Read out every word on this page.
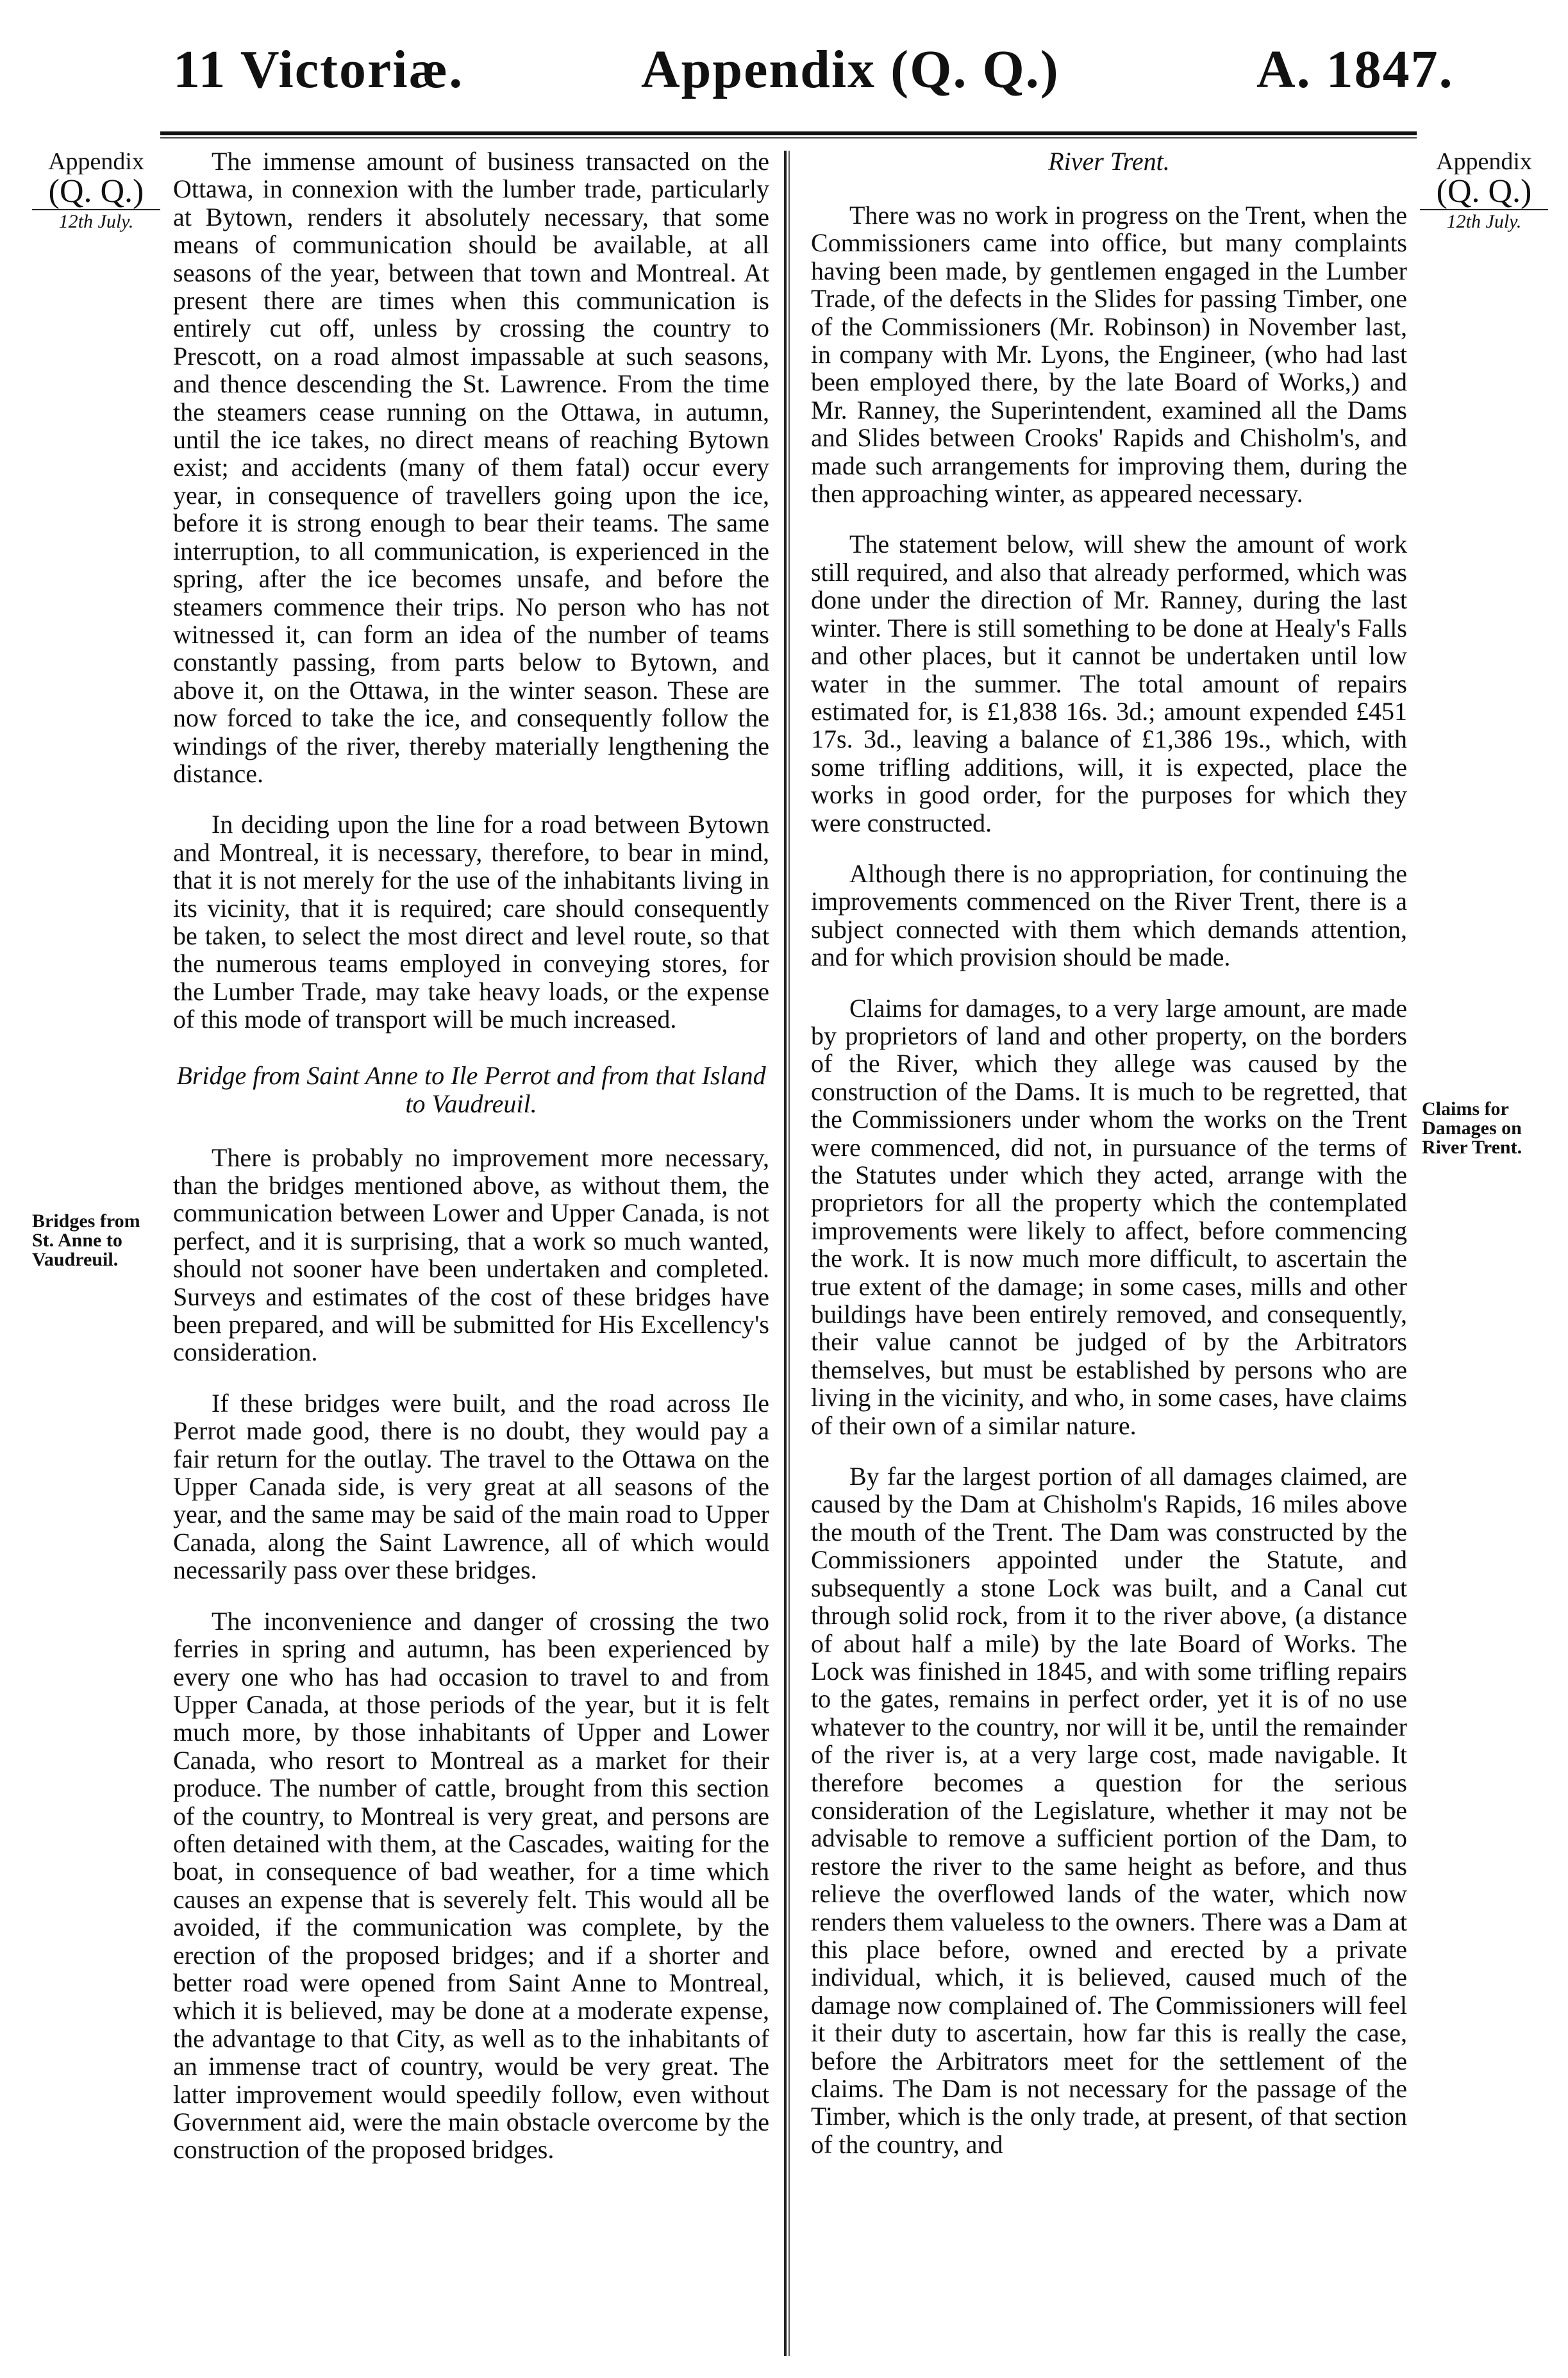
11 Victoriæ.	Appendix (Q. Q.)	A. 1847.
Appendix
(Q. Q.)
12th July.
Bridges from St. Anne to Vaudreuil.
Appendix
(Q. Q.)
12th July.
Claims for Damages on River Trent.

The immense amount of business transacted on the Ottawa, in connexion with the lumber trade, particularly at Bytown, renders it absolutely necessary, that some means of communication should be available, at all seasons of the year, between that town and Montreal. At present there are times when this communication is entirely cut off, unless by crossing the country to Prescott, on a road almost impassable at such seasons, and thence descending the St. Lawrence. From the time the steamers cease running on the Ottawa, in autumn, until the ice takes, no direct means of reaching Bytown exist; and accidents (many of them fatal) occur every year, in consequence of travellers going upon the ice, before it is strong enough to bear their teams. The same interruption, to all communication, is experienced in the spring, after the ice becomes unsafe, and before the steamers commence their trips. No person who has not witnessed it, can form an idea of the number of teams constantly passing, from parts below to Bytown, and above it, on the Ottawa, in the winter season. These are now forced to take the ice, and consequently follow the windings of the river, thereby materially lengthening the distance.

In deciding upon the line for a road between Bytown and Montreal, it is necessary, therefore, to bear in mind, that it is not merely for the use of the inhabitants living in its vicinity, that it is required; care should consequently be taken, to select the most direct and level route, so that the numerous teams employed in conveying stores, for the Lumber Trade, may take heavy loads, or the expense of this mode of transport will be much increased.

Bridge from Saint Anne to Ile Perrot and from that Island to Vaudreuil.

There is probably no improvement more necessary, than the bridges mentioned above, as without them, the communication between Lower and Upper Canada, is not perfect, and it is surprising, that a work so much wanted, should not sooner have been undertaken and completed. Surveys and estimates of the cost of these bridges have been prepared, and will be submitted for His Excellency's consideration.

If these bridges were built, and the road across Ile Perrot made good, there is no doubt, they would pay a fair return for the outlay. The travel to the Ottawa on the Upper Canada side, is very great at all seasons of the year, and the same may be said of the main road to Upper Canada, along the Saint Lawrence, all of which would necessarily pass over these bridges.

The inconvenience and danger of crossing the two ferries in spring and autumn, has been experienced by every one who has had occasion to travel to and from Upper Canada, at those periods of the year, but it is felt much more, by those inhabitants of Upper and Lower Canada, who resort to Montreal as a market for their produce. The number of cattle, brought from this section of the country, to Montreal is very great, and persons are often detained with them, at the Cascades, waiting for the boat, in consequence of bad weather, for a time which causes an expense that is severely felt. This would all be avoided, if the communication was complete, by the erection of the proposed bridges; and if a shorter and better road were opened from Saint Anne to Montreal, which it is believed, may be done at a moderate expense, the advantage to that City, as well as to the inhabitants of an immense tract of country, would be very great. The latter improvement would speedily follow, even without Government aid, were the main obstacle overcome by the construction of the proposed bridges.

River Trent.

There was no work in progress on the Trent, when the Commissioners came into office, but many complaints having been made, by gentlemen engaged in the Lumber Trade, of the defects in the Slides for passing Timber, one of the Commissioners (Mr. Robinson) in November last, in company with Mr. Lyons, the Engineer, (who had last been employed there, by the late Board of Works,) and Mr. Ranney, the Superintendent, examined all the Dams and Slides between Crooks' Rapids and Chisholm's, and made such arrangements for improving them, during the then approaching winter, as appeared necessary.

The statement below, will shew the amount of work still required, and also that already performed, which was done under the direction of Mr. Ranney, during the last winter. There is still something to be done at Healy's Falls and other places, but it cannot be undertaken until low water in the summer. The total amount of repairs estimated for, is £1,838 16s. 3d.; amount expended £451 17s. 3d., leaving a balance of £1,386 19s., which, with some trifling additions, will, it is expected, place the works in good order, for the purposes for which they were constructed.

Although there is no appropriation, for continuing the improvements commenced on the River Trent, there is a subject connected with them which demands attention, and for which provision should be made.

Claims for damages, to a very large amount, are made by proprietors of land and other property, on the borders of the River, which they allege was caused by the construction of the Dams. It is much to be regretted, that the Commissioners under whom the works on the Trent were commenced, did not, in pursuance of the terms of the Statutes under which they acted, arrange with the proprietors for all the property which the contemplated improvements were likely to affect, before commencing the work. It is now much more difficult, to ascertain the true extent of the damage; in some cases, mills and other buildings have been entirely removed, and consequently, their value cannot be judged of by the Arbitrators themselves, but must be established by persons who are living in the vicinity, and who, in some cases, have claims of their own of a similar nature.

By far the largest portion of all damages claimed, are caused by the Dam at Chisholm's Rapids, 16 miles above the mouth of the Trent. The Dam was constructed by the Commissioners appointed under the Statute, and subsequently a stone Lock was built, and a Canal cut through solid rock, from it to the river above, (a distance of about half a mile) by the late Board of Works. The Lock was finished in 1845, and with some trifling repairs to the gates, remains in perfect order, yet it is of no use whatever to the country, nor will it be, until the remainder of the river is, at a very large cost, made navigable. It therefore becomes a question for the serious consideration of the Legislature, whether it may not be advisable to remove a sufficient portion of the Dam, to restore the river to the same height as before, and thus relieve the overflowed lands of the water, which now renders them valueless to the owners. There was a Dam at this place before, owned and erected by a private individual, which, it is believed, caused much of the damage now complained of. The Commissioners will feel it their duty to ascertain, how far this is really the case, before the Arbitrators meet for the settlement of the claims. The Dam is not necessary for the passage of the Timber, which is the only trade, at present, of that section of the country, and
